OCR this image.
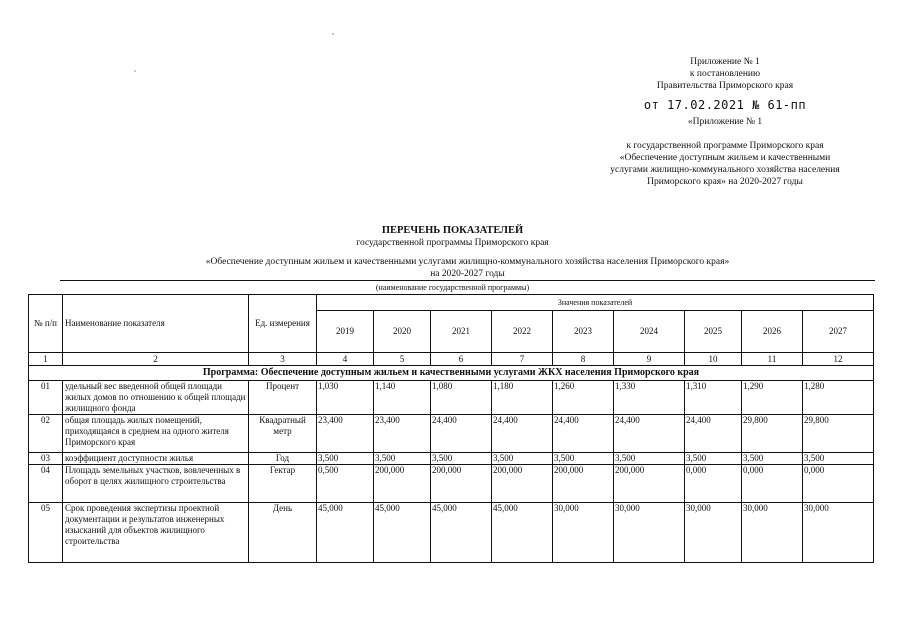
Приложение № 1
к постановлению
Правительства Приморского края
от 17.02.2021 № 61-пп
«Приложение № 1
к государственной программе Приморского края
«Обеспечение доступным жильем и качественными
услугами жилищно-коммунального хозяйства населения
Приморского края» на 2020-2027 годы
ПЕРЕЧЕНЬ ПОКАЗАТЕЛЕЙ
государственной программы Приморского края
«Обеспечение доступным жильем и качественными услугами жилищно-коммунального хозяйства населения Приморского края» на 2020-2027 годы
(наименование государственной программы)
№ п/п	Наименование показателя	Ед. измерения	Значения показателей								
			2019	2020	2021	2022	2023	2024	2025	2026	2027
1	2	3	4	5	6	7	8	9	10	11	12
Программа: Обеспечение доступным жильем и качественными услугами ЖКХ населения Приморского края											
01	удельный вес введенной общей площади жилых домов по отношению к общей площади жилищного фонда	Процент	1,030	1,140	1,080	1,180	1,260	1,330	1,310	1,290	1,280
02	общая площадь жилых помещений, приходящаяся в среднем на одного жителя Приморского края	Квадратный метр	23,400	23,400	24,400	24,400	24,400	24,400	24,400	29,800	29,800
03	коэффициент доступности жилья	Год	3,500	3,500	3,500	3,500	3,500	3,500	3,500	3,500	3,500
04	Площадь земельных участков, вовлеченных в оборот в целях жилищного строительства	Гектар	0,500	200,000	200,000	200,000	200,000	200,000	0,000	0,000	0,000
05	Срок проведения экспертизы проектной документации и результатов инженерных изысканий для объектов жилищного строительства	День	45,000	45,000	45,000	45,000	30,000	30,000	30,000	30,000	30,000
